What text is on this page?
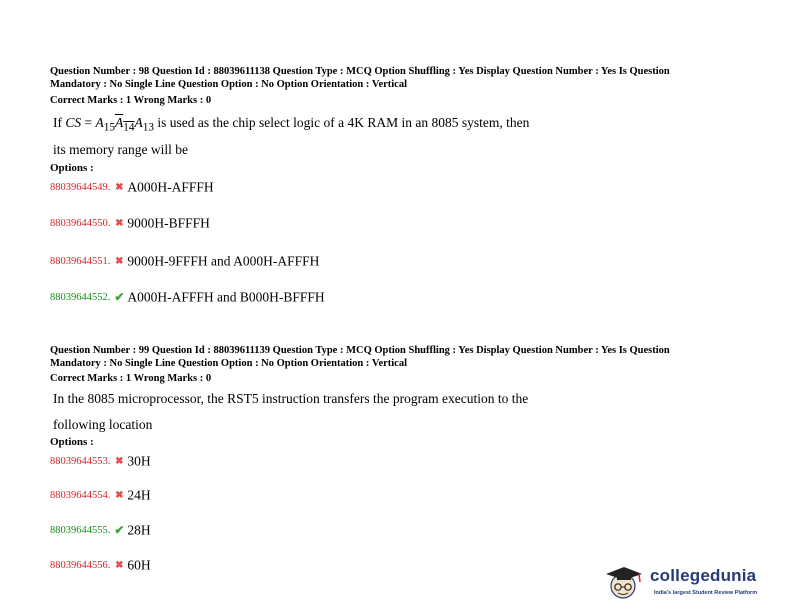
Question Number : 98 Question Id : 88039611138 Question Type : MCQ Option Shuffling : Yes Display Question Number : Yes Is Question
Mandatory : No Single Line Question Option : No Option Orientation : Vertical
Correct Marks : 1 Wrong Marks : 0
If CS = $A_{15}A_{14}A_{13}$ is used as the chip select logic of a 4K RAM in an 8085 system, then
its memory range will be
Options :
88039644549. ✖ A000H-AFFFH
88039644550. ✖ 9000H-BFFFH
88039644551. ✖ 9000H-9FFFH and A000H-AFFFH
88039644552. ✔ A000H-AFFFH and B000H-BFFFH
Question Number : 99 Question Id : 88039611139 Question Type : MCQ Option Shuffling : Yes Display Question Number : Yes Is Question
Mandatory : No Single Line Question Option : No Option Orientation : Vertical
Correct Marks : 1 Wrong Marks : 0
In the 8085 microprocessor, the RST5 instruction transfers the program execution to the
following location
Options :
88039644553. ✖ 30H
88039644554. ✖ 24H
88039644555. ✔ 28H
88039644556. ✖ 60H
collegedunia
India's largest Student Review Platform
